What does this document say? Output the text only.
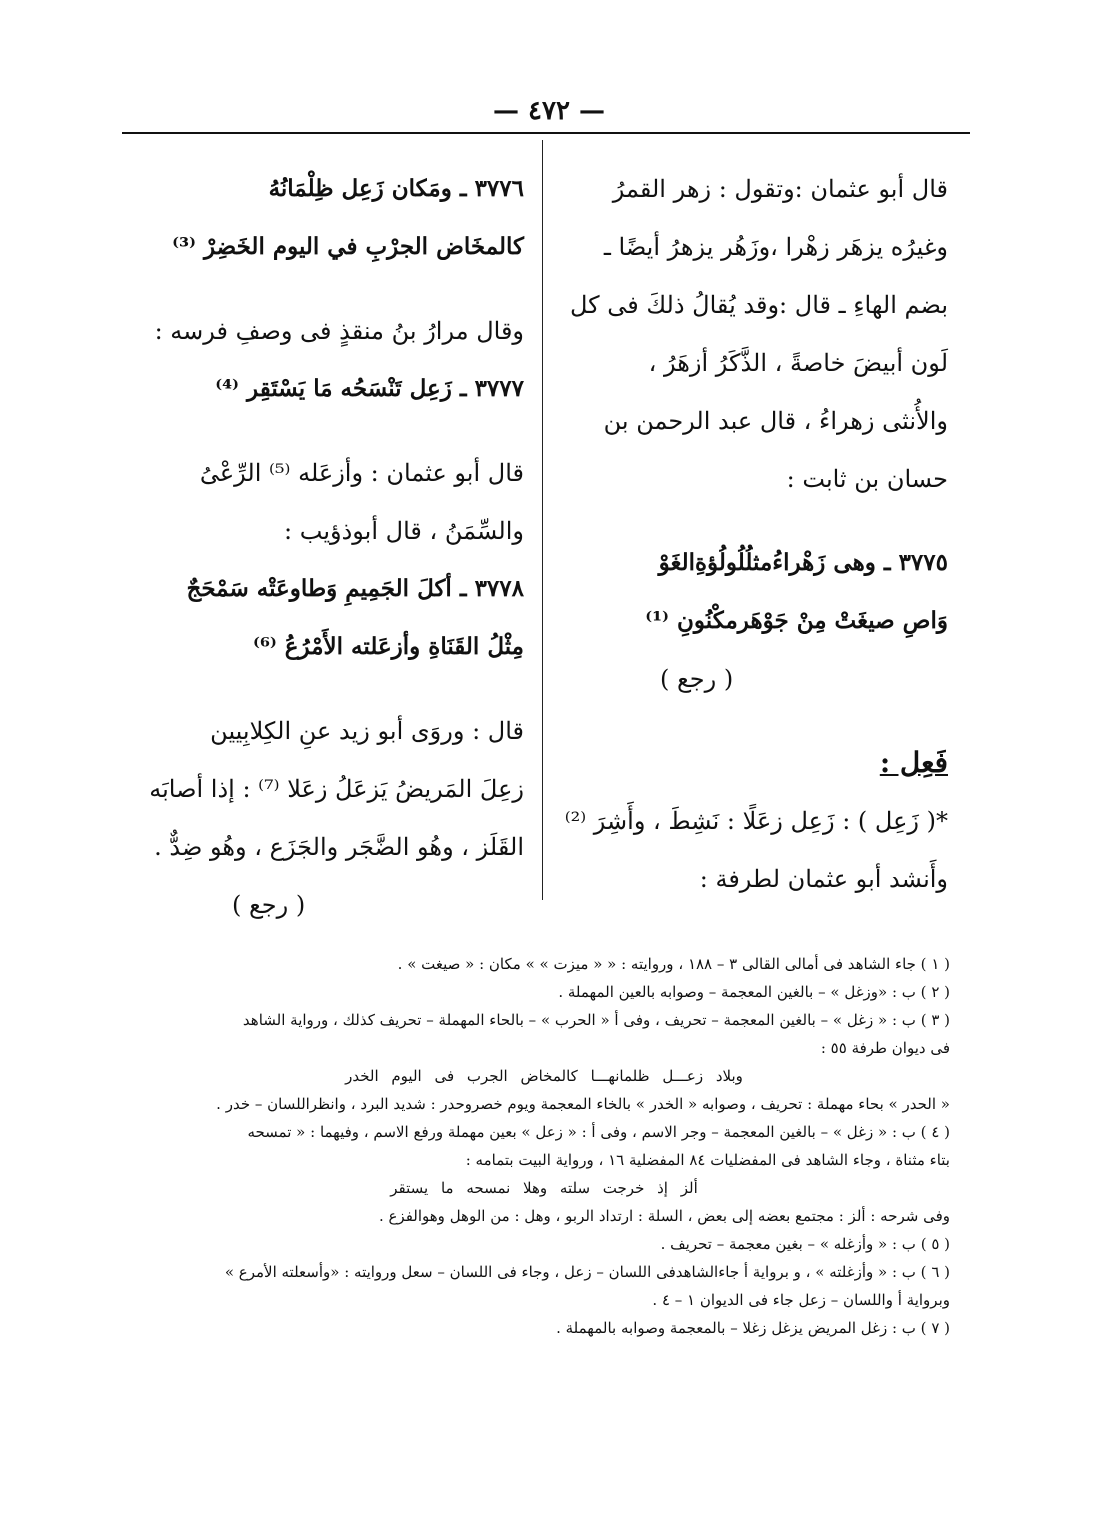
— ٤٧٢ —
قال أبو عثمان :وتقول : زهر القمرُ
وغيرُه يزهَر زهْرا ،وزَهُر يزهرُ أيضًا ـ
بضم الهاءِ ـ قال :وقد يُقالُ ذلكَ فى كل
لَون أبيضَ خاصةً ، الذَّكَرُ أزهَرُ ،
والأُنثى زهراءُ ، قال عبد الرحمن بن
حسان بن ثابت :
٣٧٧٥ ـ وهى زَهْراءُمثلُلُولُؤةِالغَوْ
وَاصِ صيغَتْ مِنْ جَوْهَرمكْنُونِ ⁽¹⁾
( رجع )
فَعِل :
*( زَعِل ) : زَعِل زعَلًا : نَشِطَ ، وأَشِرَ ⁽²⁾
وأَنشد أبو عثمان لطرفة :
٣٧٧٦ ـ ومَكان زَعِل ظِلْمَانُهُ
كالمخَاض الجرْبِ في اليوم الخَضِرْ ⁽³⁾
وقال مرارُ بنُ منقذٍ فى وصفِ فرسه :
٣٧٧٧ ـ زَعِل تَنْسَحُه مَا يَسْتَقِر ⁽⁴⁾
قال أبو عثمان : وأزعَله ⁽⁵⁾ الرِّعْىُ
والسِّمَنُ ، قال أبوذؤيب :
٣٧٧٨ ـ أكلَ الجَمِيمِ وَطاوعَتْه سَمْحَجٌ
مِثْلُ القَنَاةِ وأزعَلته الأَمْرُعُ ⁽⁶⁾
قال : وروَى أبو زيد عنِ الكِلابِيين
زعِلَ المَريضُ يَزعَلُ زعَلا ⁽⁷⁾ : إذا أصابَه
القَلَز ، وهُو الضَّجَر والجَزَع ، وهُو ضِدٌّ .
( رجع )
( ١ ) جاء الشاهد فى أمالى القالى ٣ – ١٨٨ ، وروايته : « « ميزت » » مكان : « صيغت » .
( ٢ ) ب : «وزغل » – بالغين المعجمة – وصوابه بالعين المهملة .
( ٣ ) ب : « زغل » – بالغين المعجمة – تحريف ، وفى أ « الحرب » – بالحاء المهملة – تحريف كذلك ، ورواية الشاهد
فى ديوان طرفة ٥٥ :
وبلاد زعـــل ظلمانهـــا كالمخاض الجرب فى اليوم الخدر
« الحدر » بحاء مهملة : تحريف ، وصوابه « الخدر » بالخاء المعجمة ويوم خصروحدر : شديد البرد ، وانظراللسان – خدر .
( ٤ ) ب : « زغل » – بالغين المعجمة – وجر الاسم ، وفى أ : « زعل » بعين مهملة ورفع الاسم ، وفيهما : « تمسحه
بتاء مثناة ، وجاء الشاهد فى المفضليات ٨٤ المفضلية ١٦ ، ورواية البيت بتمامه :
ألز إذ خرجت سلته وهلا نمسحه ما يستقر
وفى شرحه : ألز : مجتمع بعضه إلى بعض ، السلة : ارتداد الربو ، وهل : من الوهل وهوالفزع .
( ٥ ) ب : « وأزغله » – بغين معجمة – تحريف .
( ٦ ) ب : « وأزغلته » ، و برواية أ جاءالشاهدفى اللسان – زعل ، وجاء فى اللسان – سعل وروايته : «وأسعلته الأمرع »
وبرواية أ واللسان – زعل جاء فى الديوان ١ – ٤ .
( ٧ ) ب : زغل المريض يزغل زغلا – بالمعجمة وصوابه بالمهملة .
